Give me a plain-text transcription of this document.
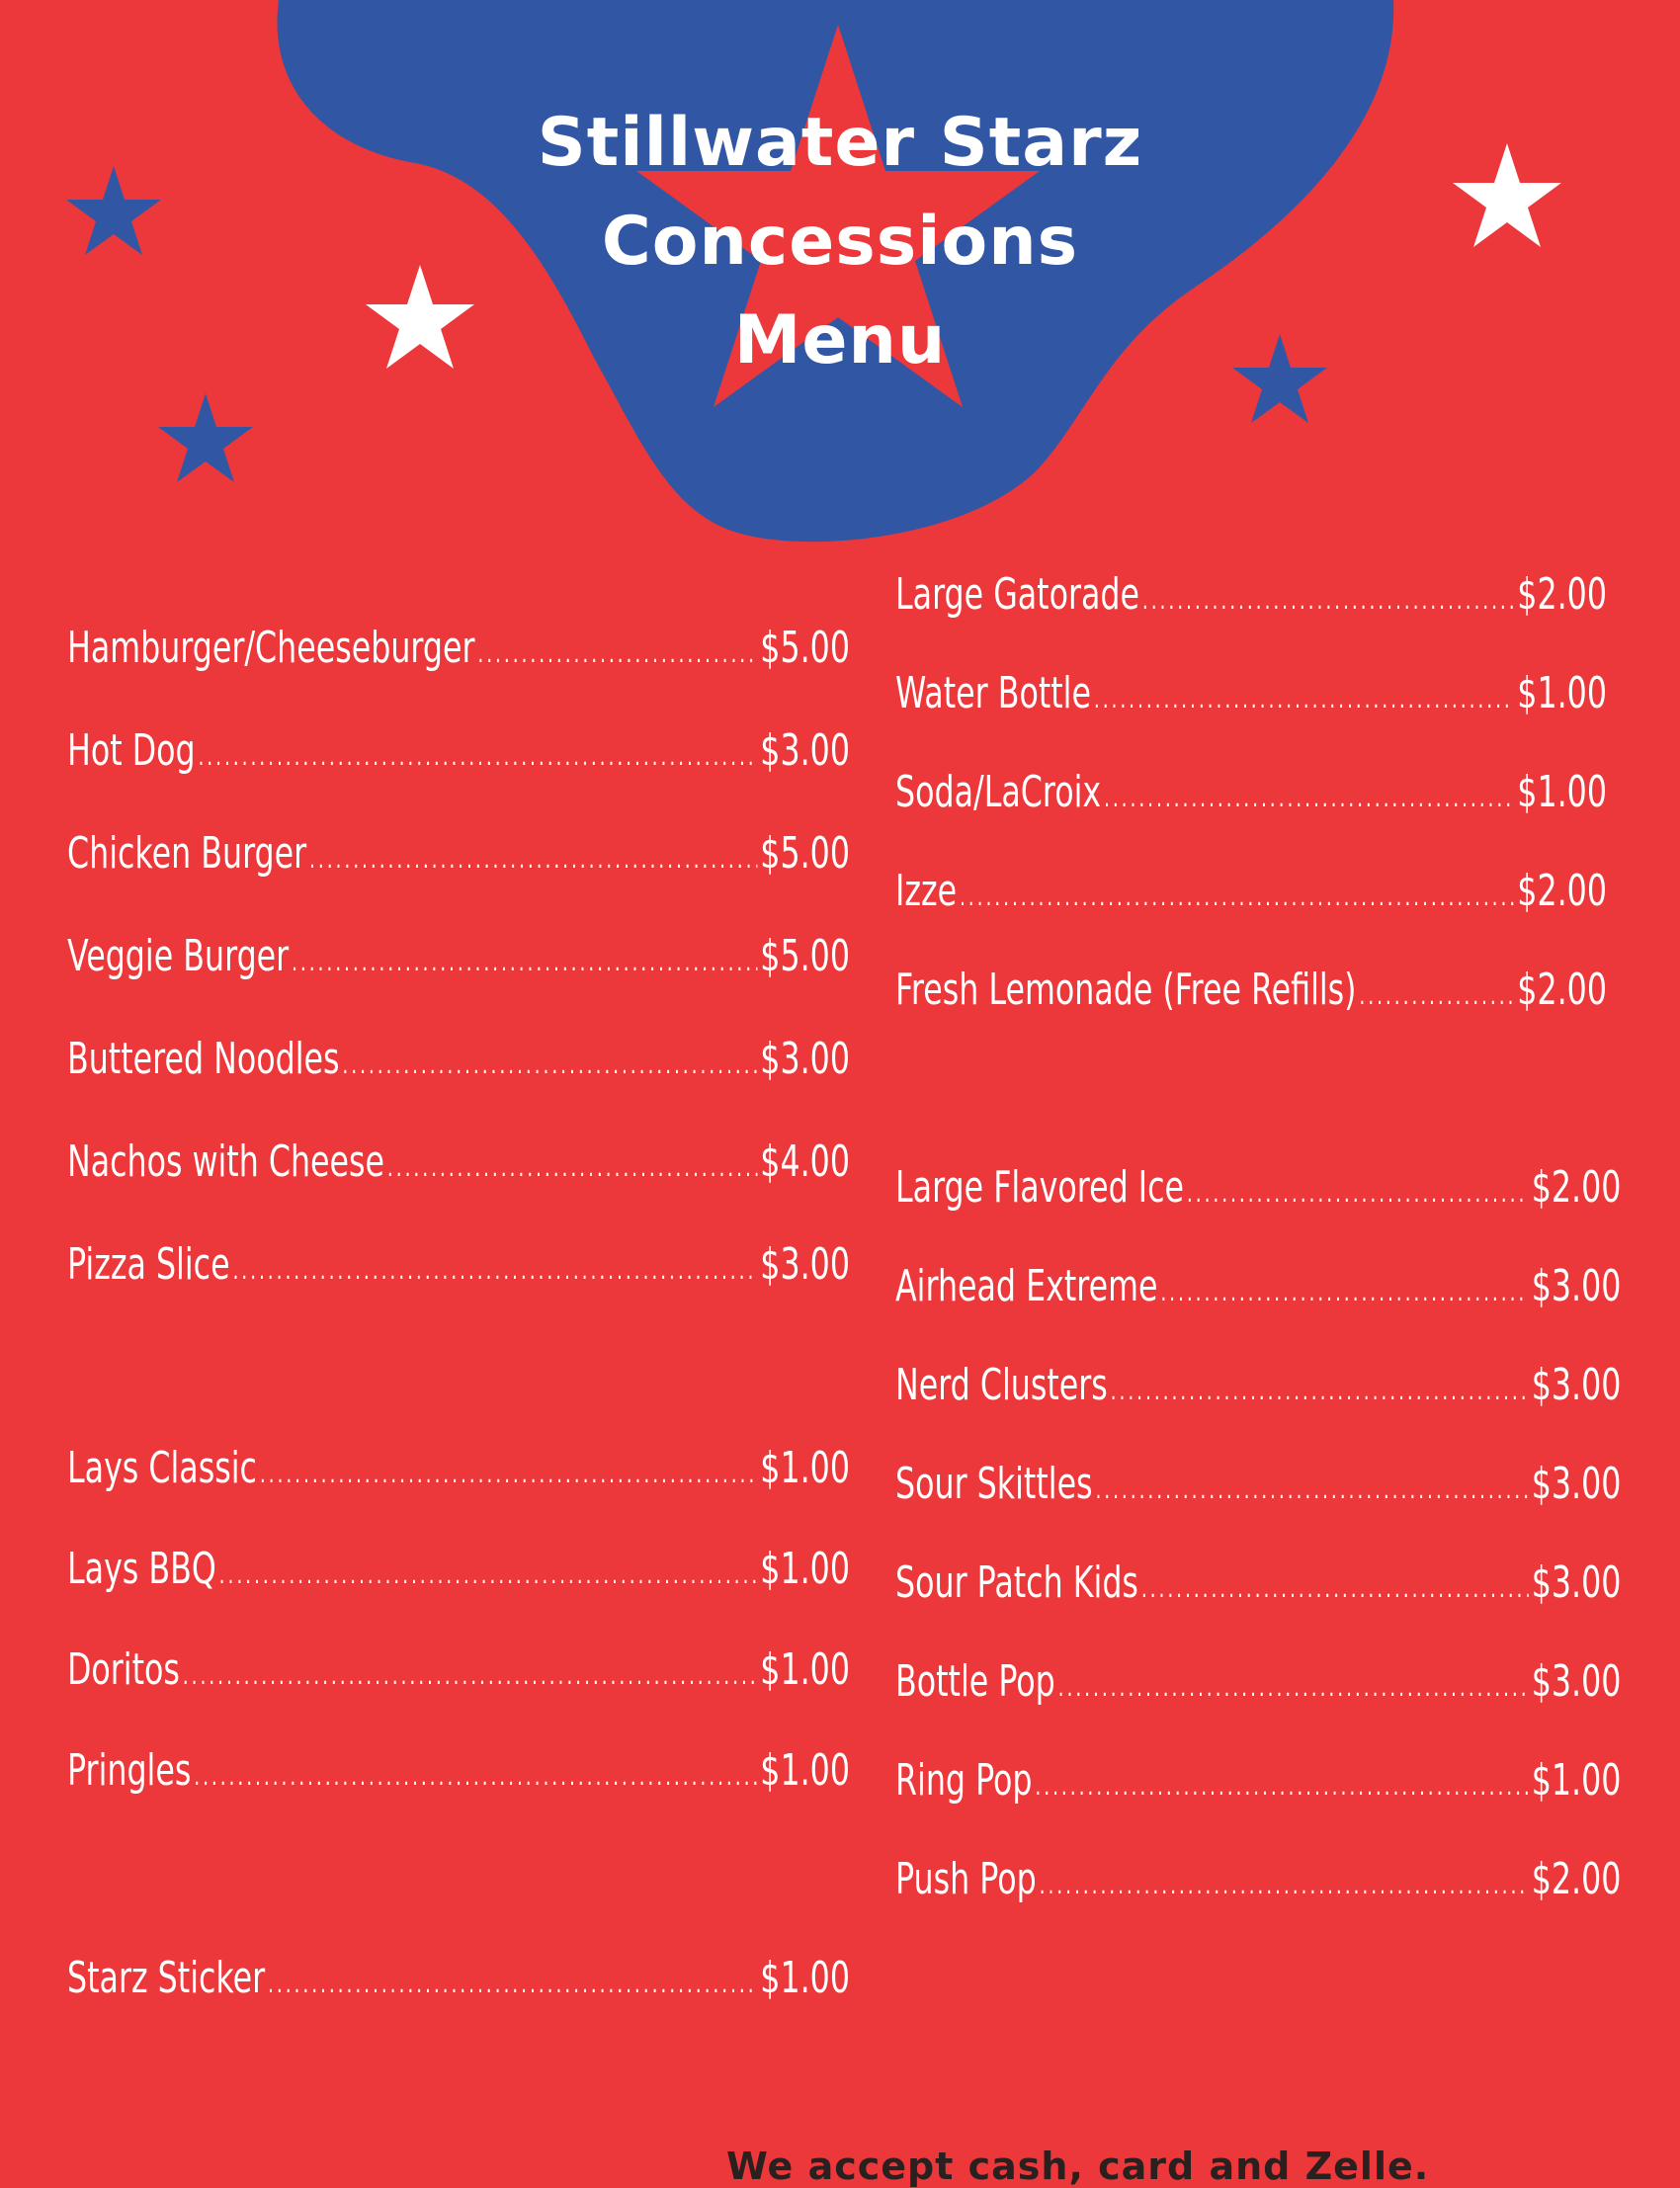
Stillwater Starz
Concessions
Menu
Hamburger/Cheeseburger .....	$5.00
Hot Dog .....	$3.00
Chicken Burger .....	$5.00
Veggie Burger .....	$5.00
Buttered Noodles .....	$3.00
Nachos with Cheese .....	$4.00
Pizza Slice .....	$3.00
Lays Classic .....	$1.00
Lays BBQ .....	$1.00
Doritos .....	$1.00
Pringles .....	$1.00
Starz Sticker .....	$1.00
Large Gatorade .....	$2.00
Water Bottle .....	$1.00
Soda/LaCroix .....	$1.00
Izze .....	$2.00
Fresh Lemonade (Free Refills) .....	$2.00
Large Flavored Ice .....	$2.00
Airhead Extreme .....	$3.00
Nerd Clusters .....	$3.00
Sour Skittles .....	$3.00
Sour Patch Kids .....	$3.00
Bottle Pop .....	$3.00
Ring Pop .....	$1.00
Push Pop .....	$2.00
We accept cash, card and Zelle.
